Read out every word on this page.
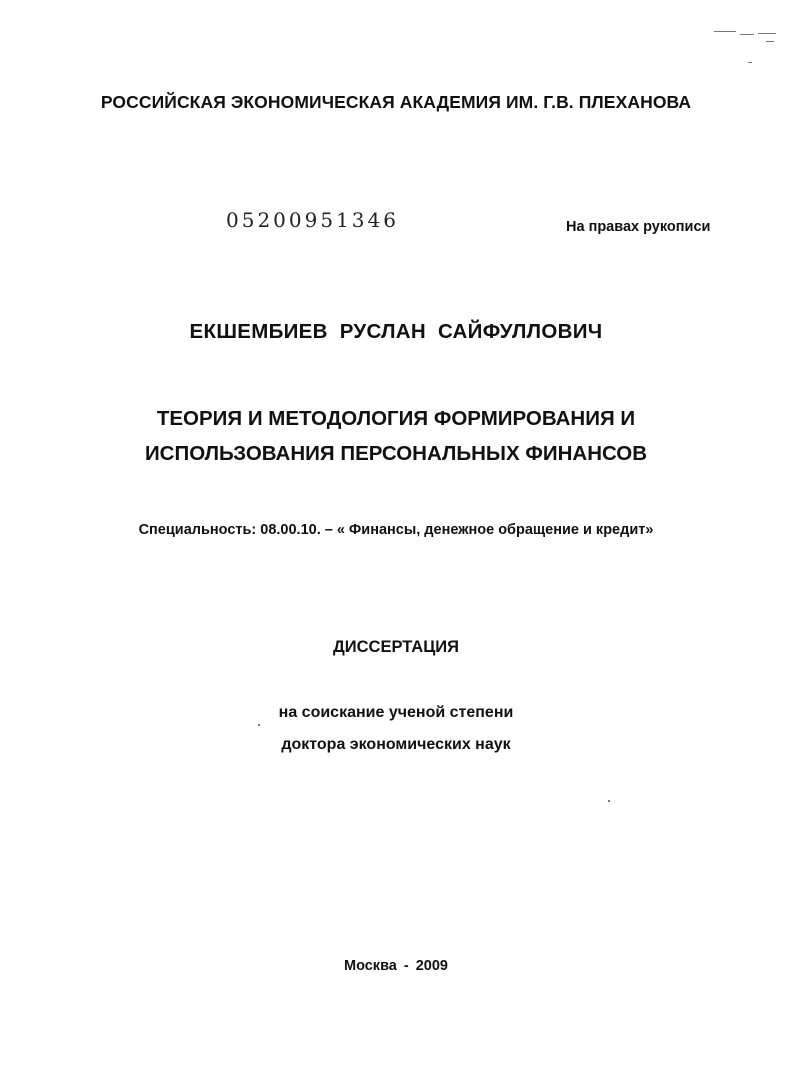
РОССИЙСКАЯ ЭКОНОМИЧЕСКАЯ АКАДЕМИЯ ИМ. Г.В. ПЛЕХАНОВА
05200951346	На правах рукописи
ЕКШЕМБИЕВ РУСЛАН САЙФУЛЛОВИЧ
ТЕОРИЯ И МЕТОДОЛОГИЯ ФОРМИРОВАНИЯ И
ИСПОЛЬЗОВАНИЯ ПЕРСОНАЛЬНЫХ ФИНАНСОВ
Специальность: 08.00.10. – « Финансы, денежное обращение и кредит»
ДИССЕРТАЦИЯ
на соискание ученой степени
доктора экономических наук
Москва - 2009
